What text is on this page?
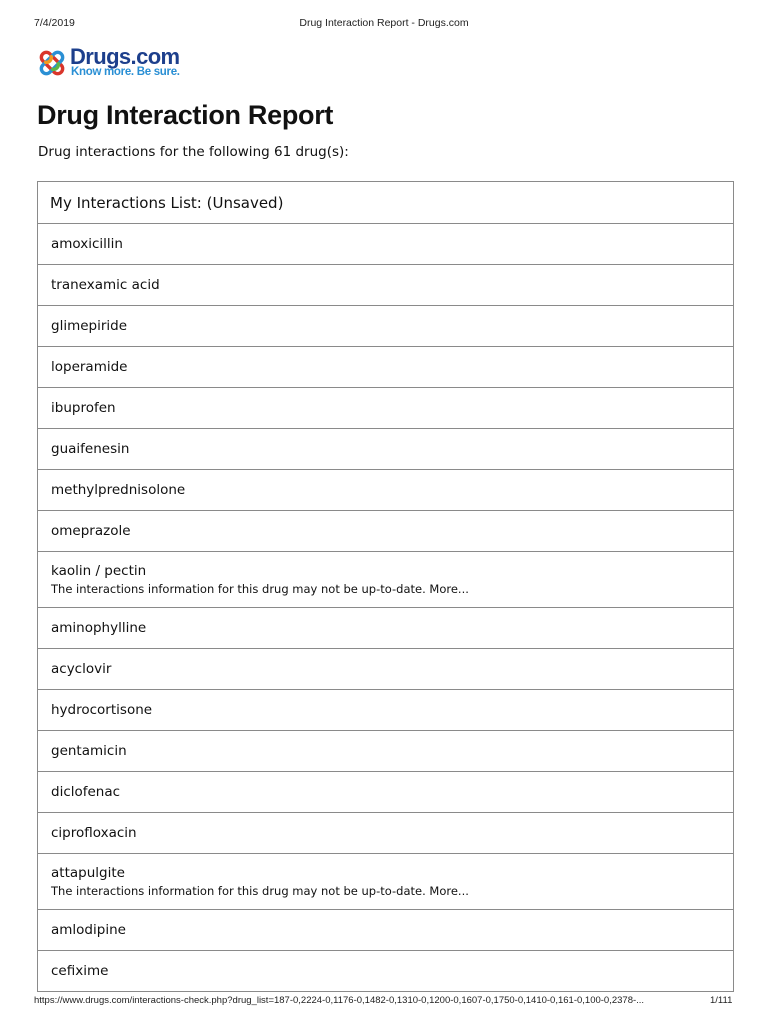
7/4/2019	Drug Interaction Report - Drugs.com
Drugs.com
Know more. Be sure.
Drug Interaction Report
Drug interactions for the following 61 drug(s):
My Interactions List: (Unsaved)
amoxicillin
tranexamic acid
glimepiride
loperamide
ibuprofen
guaifenesin
methylprednisolone
omeprazole
kaolin / pectin
The interactions information for this drug may not be up-to-date. More...
aminophylline
acyclovir
hydrocortisone
gentamicin
diclofenac
ciprofloxacin
attapulgite
The interactions information for this drug may not be up-to-date. More...
amlodipine
cefixime
https://www.drugs.com/interactions-check.php?drug_list=187-0,2224-0,1176-0,1482-0,1310-0,1200-0,1607-0,1750-0,1410-0,161-0,100-0,2378-...	1/111
